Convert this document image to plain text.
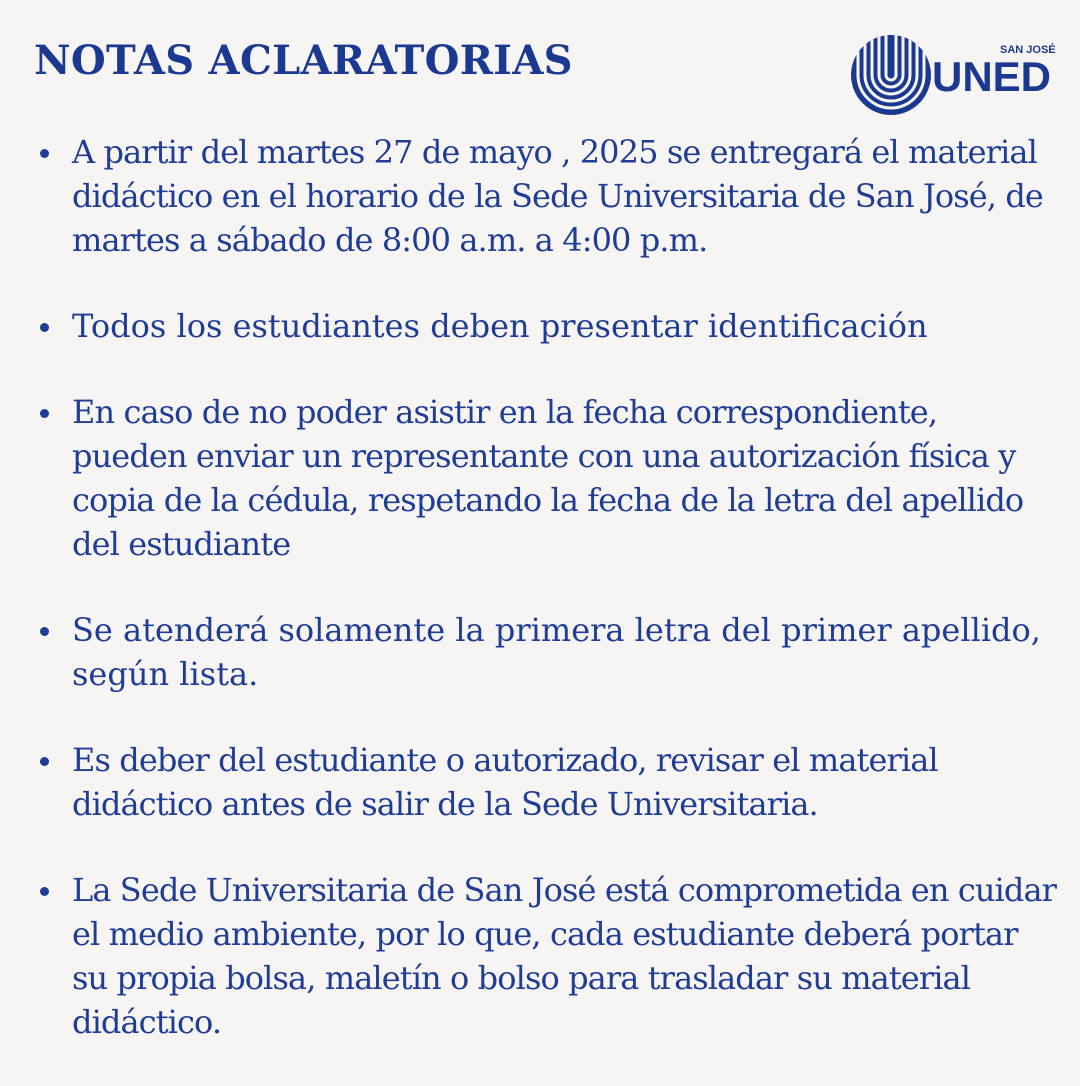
NOTAS ACLARATORIAS	SAN JOSÉ
UNED
A partir del martes 27 de mayo , 2025 se entregará el material didáctico en el horario de la Sede Universitaria de San José, de martes a sábado de 8:00 a.m. a 4:00 p.m.
Todos los estudiantes deben presentar identificación
En caso de no poder asistir en la fecha correspondiente, pueden enviar un representante con una autorización física y copia de la cédula, respetando la fecha de la letra del apellido del estudiante
Se atenderá solamente la primera letra del primer apellido, según lista.
Es deber del estudiante o autorizado, revisar el material didáctico antes de salir de la Sede Universitaria.
La Sede Universitaria de San José está comprometida en cuidar el medio ambiente, por lo que, cada estudiante deberá portar su propia bolsa, maletín o bolso para trasladar su material didáctico.
